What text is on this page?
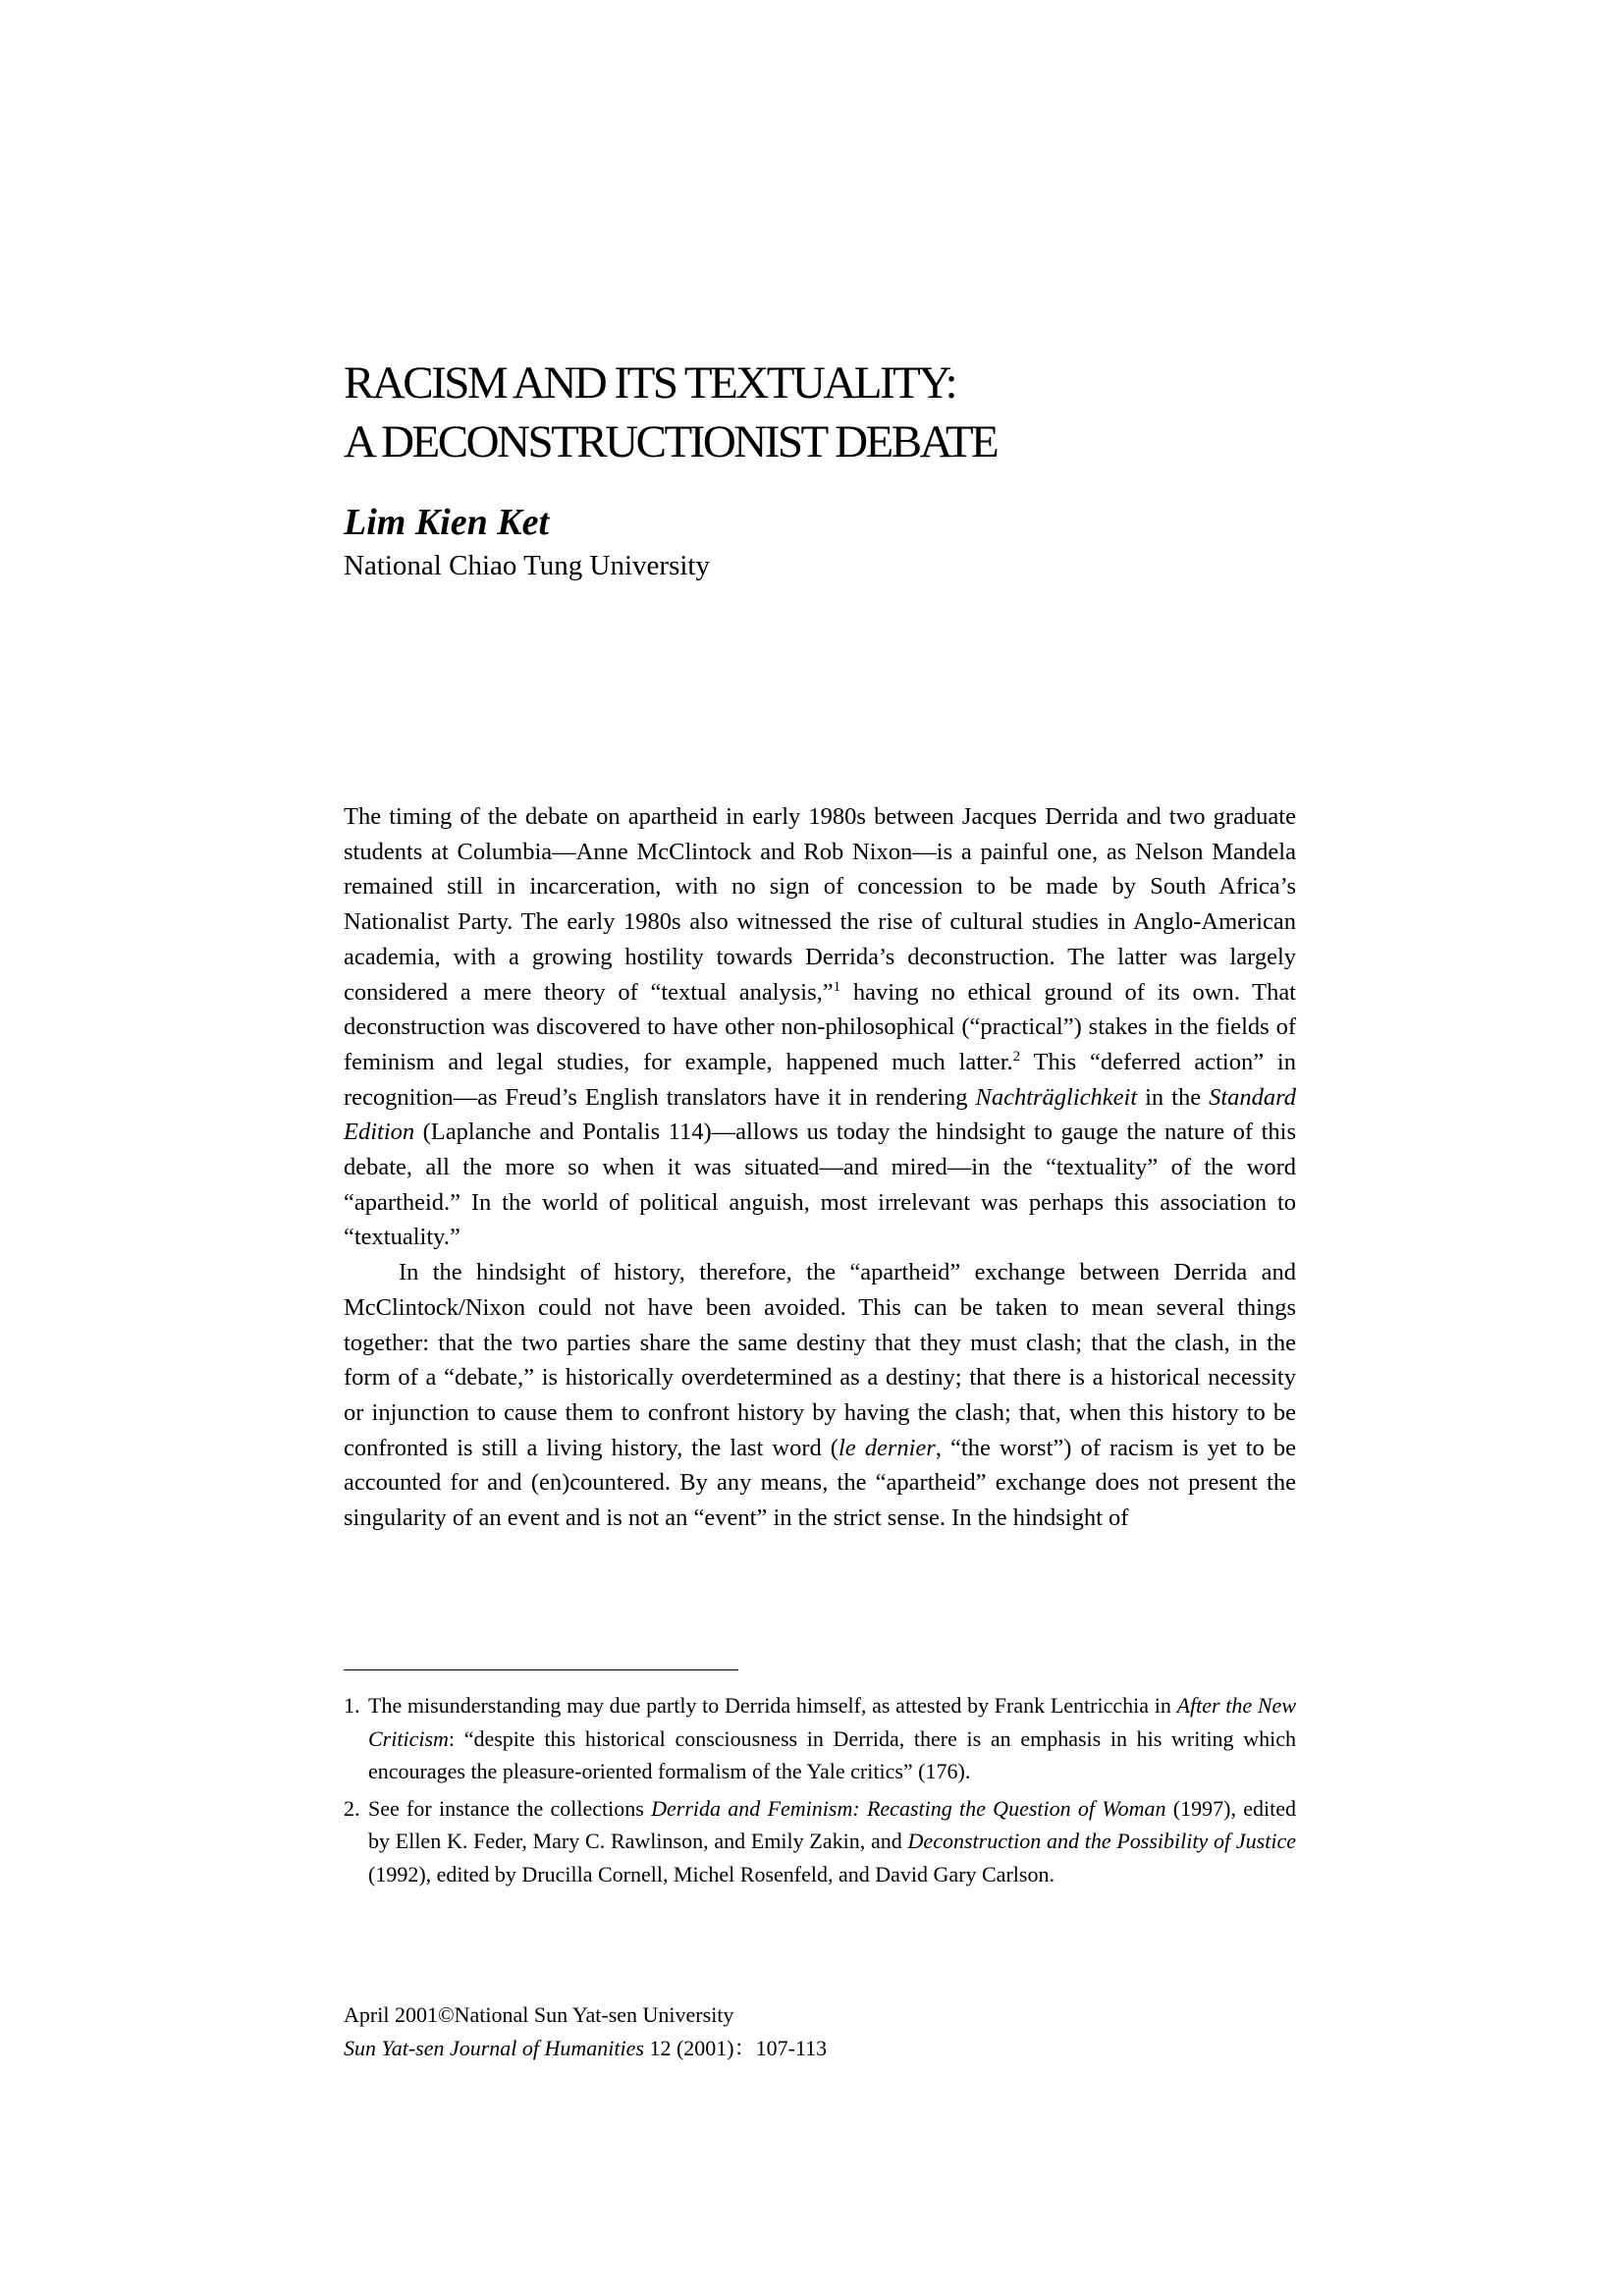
RACISM AND ITS TEXTUALITY:
A DECONSTRUCTIONIST DEBATE
Lim Kien Ket
National Chiao Tung University

The timing of the debate on apartheid in early 1980s between Jacques Derrida and two graduate students at Columbia—Anne McClintock and Rob Nixon—is a painful one, as Nelson Mandela remained still in incarceration, with no sign of concession to be made by South Africa’s Nationalist Party. The early 1980s also witnessed the rise of cultural studies in Anglo-American academia, with a growing hostility towards Derrida’s deconstruction. The latter was largely considered a mere theory of “textual analysis,”$^1$ having no ethical ground of its own. That deconstruction was discovered to have other non-philosophical (“practical”) stakes in the fields of feminism and legal studies, for example, happened much latter.$^2$ This “deferred action” in recognition—as Freud’s English translators have it in rendering Nachträglichkeit in the Standard Edition (Laplanche and Pontalis 114)—allows us today the hindsight to gauge the nature of this debate, all the more so when it was situated—and mired—in the “textuality” of the word “apartheid.” In the world of political anguish, most irrelevant was perhaps this association to “textuality.”

In the hindsight of history, therefore, the “apartheid” exchange between Derrida and McClintock/Nixon could not have been avoided. This can be taken to mean several things together: that the two parties share the same destiny that they must clash; that the clash, in the form of a “debate,” is historically overdetermined as a destiny; that there is a historical necessity or injunction to cause them to confront history by having the clash; that, when this history to be confronted is still a living history, the last word (le dernier, “the worst”) of racism is yet to be accounted for and (en)countered. By any means, the “apartheid” exchange does not present the singularity of an event and is not an “event” in the strict sense. In the hindsight of

1. The misunderstanding may due partly to Derrida himself, as attested by Frank Lentricchia in After the New Criticism: “despite this historical consciousness in Derrida, there is an emphasis in his writing which encourages the pleasure-oriented formalism of the Yale critics” (176).
2. See for instance the collections Derrida and Feminism: Recasting the Question of Woman (1997), edited by Ellen K. Feder, Mary C. Rawlinson, and Emily Zakin, and Deconstruction and the Possibility of Justice (1992), edited by Drucilla Cornell, Michel Rosenfeld, and David Gary Carlson.
April 2001©National Sun Yat-sen University
Sun Yat-sen Journal of Humanities 12 (2001)：107-113
